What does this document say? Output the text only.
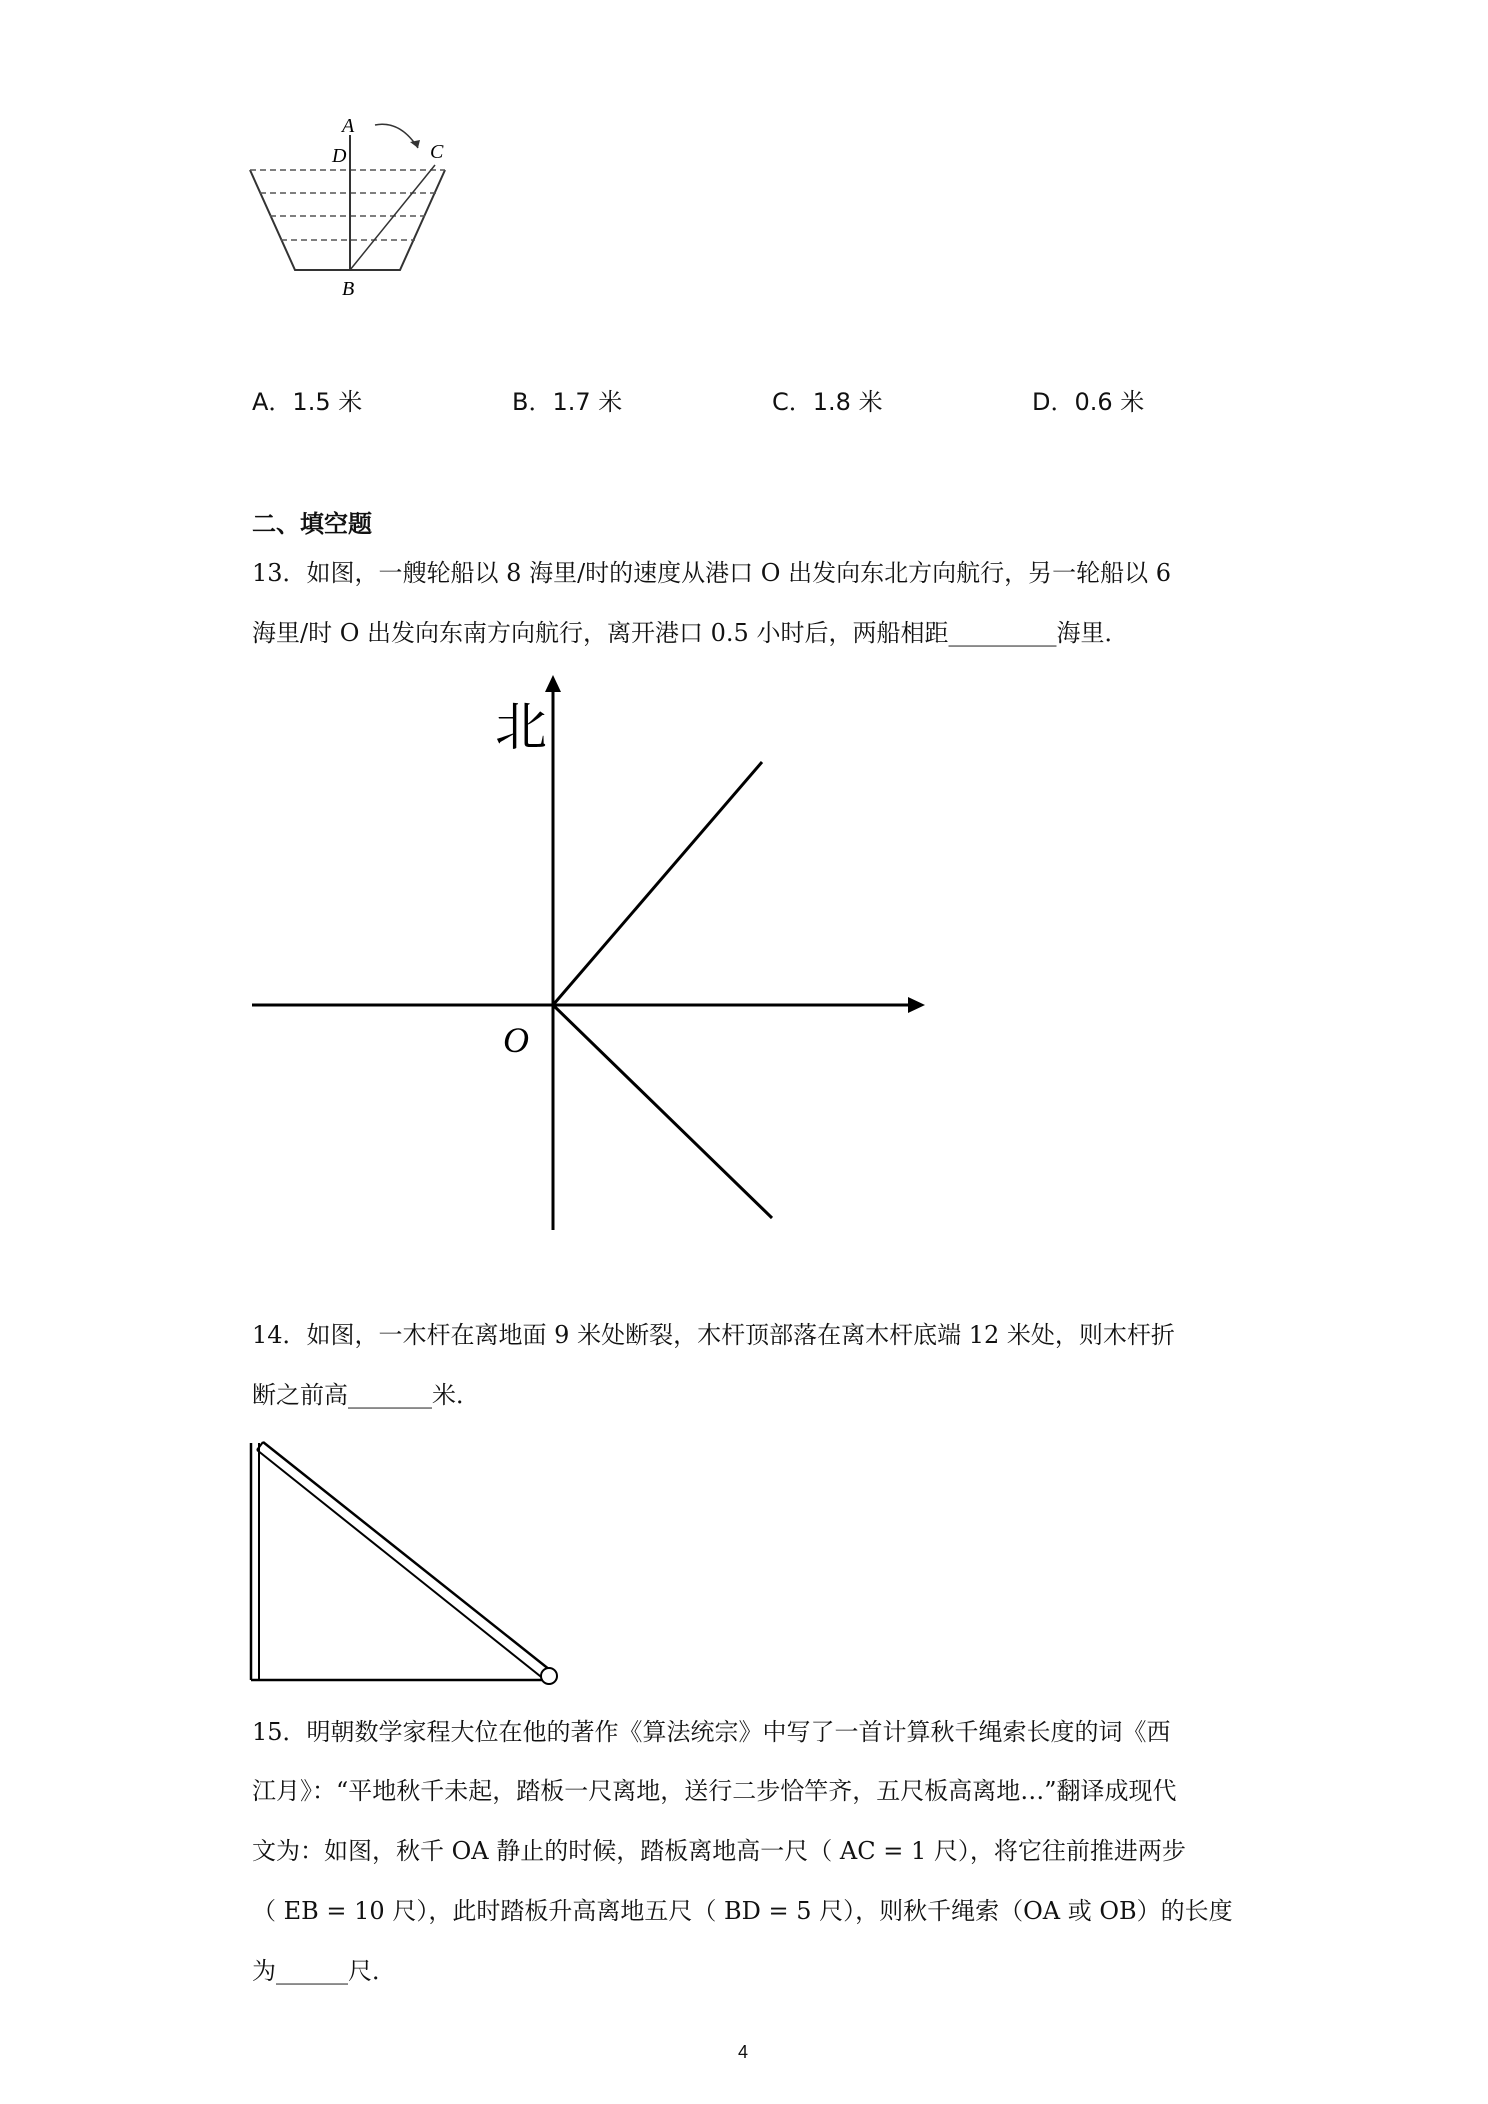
A
D	C
B
A．1.5 米	B．1.7 米	C．1.8 米	D．0.6 米
二、填空题
13．如图，一艘轮船以 8 海里/时的速度从港口 O 出发向东北方向航行，另一轮船以 6
海里/时 O 出发向东南方向航行，离开港口 0.5 小时后，两船相距_________海里．
北
O
14．如图，一木杆在离地面 9 米处断裂，木杆顶部落在离木杆底端 12 米处，则木杆折
断之前高_______米．
15．明朝数学家程大位在他的著作《算法统宗》中写了一首计算秋千绳索长度的词《西
江月》：“平地秋千未起，踏板一尺离地，送行二步恰竿齐，五尺板高离地…”翻译成现代
文为：如图，秋千 OA 静止的时候，踏板离地高一尺（ AC = 1 尺），将它往前推进两步
（ EB = 10 尺），此时踏板升高离地五尺（ BD = 5 尺），则秋千绳索（OA 或 OB）的长度
为______尺．
4
